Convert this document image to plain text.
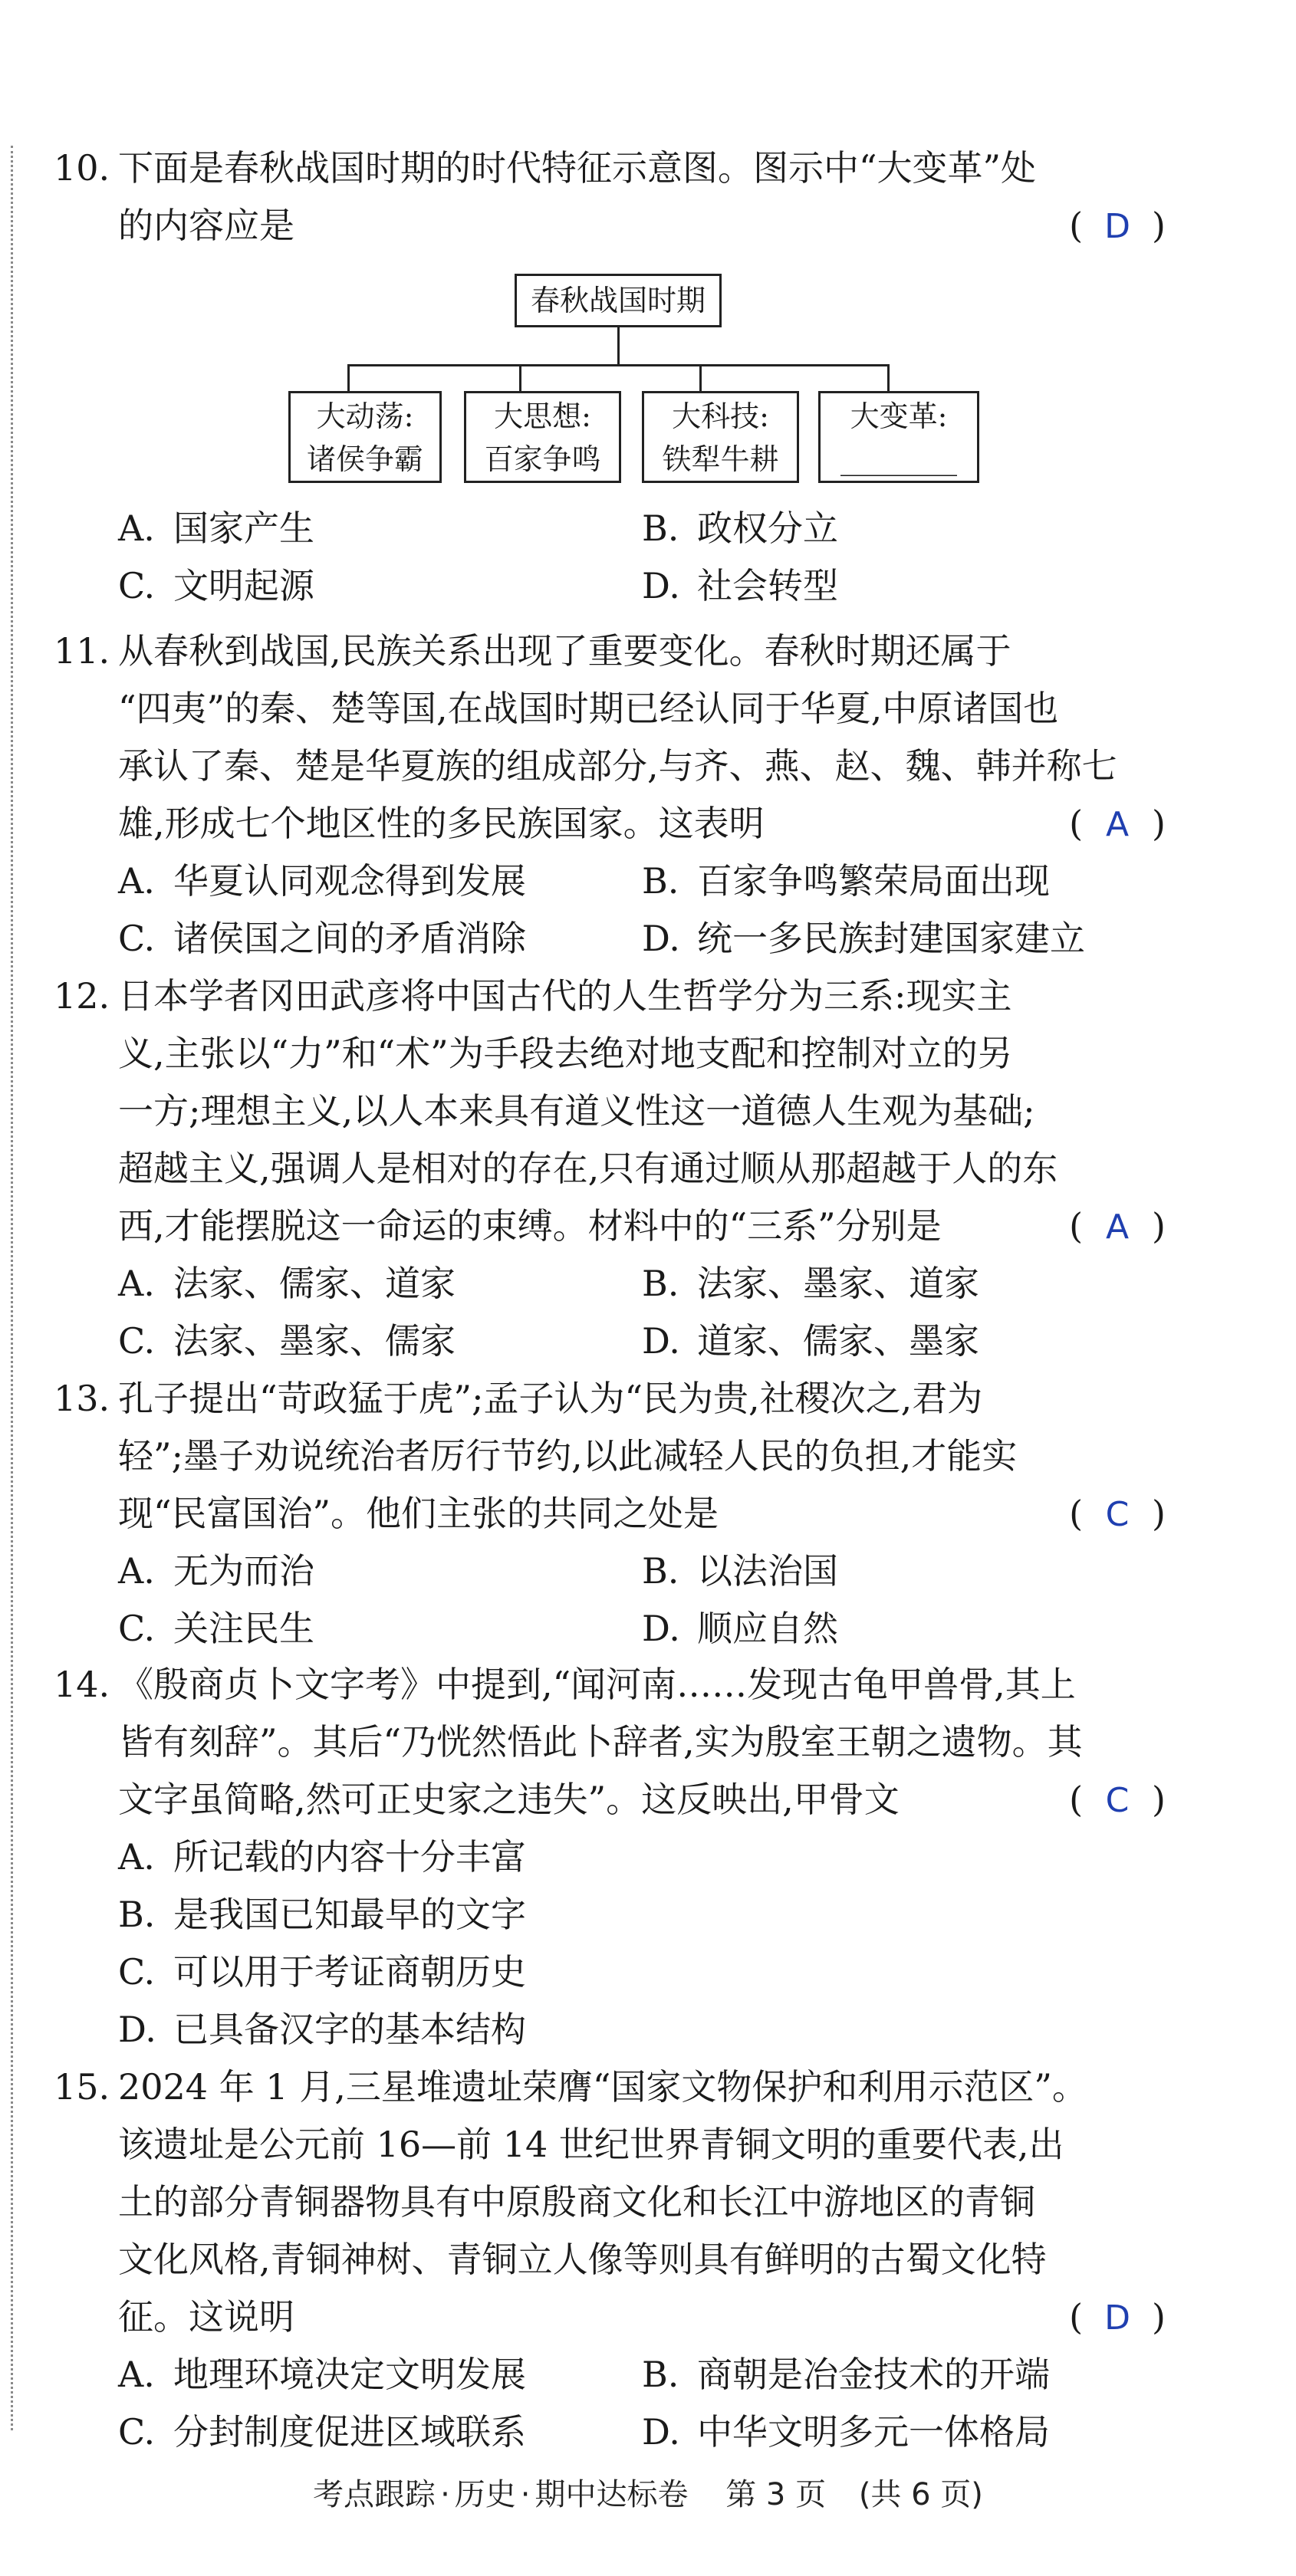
10. 下面是春秋战国时期的时代特征示意图。图示中“大变革”处
的内容应是	( D )
春秋战国时期
大动荡:
诸侯争霸
大思想:
百家争鸣
大科技:
铁犁牛耕
大变革:
________
A. 国家产生	B. 政权分立
C. 文明起源	D. 社会转型
11. 从春秋到战国,民族关系出现了重要变化。春秋时期还属于
“四夷”的秦、楚等国,在战国时期已经认同于华夏,中原诸国也
承认了秦、楚是华夏族的组成部分,与齐、燕、赵、魏、韩并称七
雄,形成七个地区性的多民族国家。这表明	( A )
A. 华夏认同观念得到发展	B. 百家争鸣繁荣局面出现
C. 诸侯国之间的矛盾消除	D. 统一多民族封建国家建立
12. 日本学者冈田武彦将中国古代的人生哲学分为三系:现实主
义,主张以“力”和“术”为手段去绝对地支配和控制对立的另
一方;理想主义,以人本来具有道义性这一道德人生观为基础;
超越主义,强调人是相对的存在,只有通过顺从那超越于人的东
西,才能摆脱这一命运的束缚。材料中的“三系”分别是	( A )
A. 法家、儒家、道家	B. 法家、墨家、道家
C. 法家、墨家、儒家	D. 道家、儒家、墨家
13. 孔子提出“苛政猛于虎”;孟子认为“民为贵,社稷次之,君为
轻”;墨子劝说统治者厉行节约,以此减轻人民的负担,才能实
现“民富国治”。他们主张的共同之处是	( C )
A. 无为而治	B. 以法治国
C. 关注民生	D. 顺应自然
14. 《殷商贞卜文字考》中提到,“闻河南……发现古龟甲兽骨,其上
皆有刻辞”。其后“乃恍然悟此卜辞者,实为殷室王朝之遗物。其
文字虽简略,然可正史家之违失”。这反映出,甲骨文	( C )
A. 所记载的内容十分丰富
B. 是我国已知最早的文字
C. 可以用于考证商朝历史
D. 已具备汉字的基本结构
15. 2024 年 1 月,三星堆遗址荣膺“国家文物保护和利用示范区”。
该遗址是公元前 16—前 14 世纪世界青铜文明的重要代表,出
土的部分青铜器物具有中原殷商文化和长江中游地区的青铜
文化风格,青铜神树、青铜立人像等则具有鲜明的古蜀文化特
征。这说明	( D )
A. 地理环境决定文明发展	B. 商朝是冶金技术的开端
C. 分封制度促进区域联系	D. 中华文明多元一体格局
考点跟踪 · 历史 · 期中达标卷 第 3 页 (共 6 页)
